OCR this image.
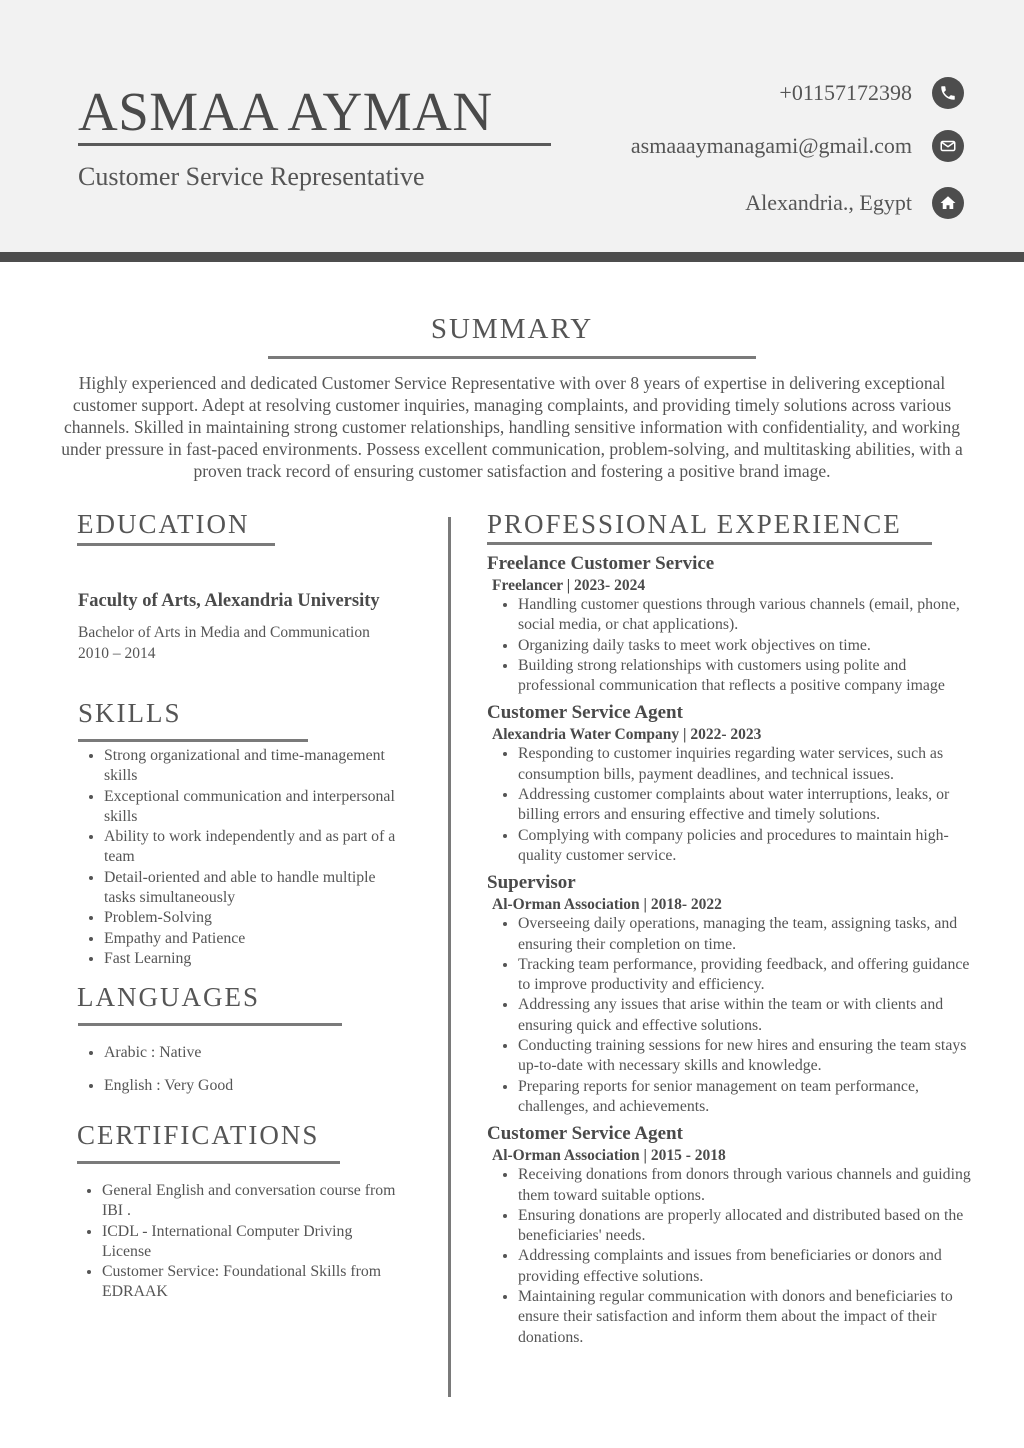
ASMAA AYMAN
Customer Service Representative
+01157172398
asmaaaymanagami@gmail.com
Alexandria., Egypt
SUMMARY
Highly experienced and dedicated Customer Service Representative with over 8 years of expertise in delivering exceptional customer support. Adept at resolving customer inquiries, managing complaints, and providing timely solutions across various channels. Skilled in maintaining strong customer relationships, handling sensitive information with confidentiality, and working under pressure in fast-paced environments. Possess excellent communication, problem-solving, and multitasking abilities, with a proven track record of ensuring customer satisfaction and fostering a positive brand image.
EDUCATION
Faculty of Arts, Alexandria University
Bachelor of Arts in Media and Communication
2010 – 2014
SKILLS
• Strong organizational and time-management skills
• Exceptional communication and interpersonal skills
• Ability to work independently and as part of a team
• Detail-oriented and able to handle multiple tasks simultaneously
• Problem-Solving
• Empathy and Patience
• Fast Learning
LANGUAGES
• Arabic : Native
• English : Very Good
CERTIFICATIONS
• General English and conversation course from IBI .
• ICDL - International Computer Driving License
• Customer Service: Foundational Skills from EDRAAK
PROFESSIONAL EXPERIENCE
Freelance Customer Service
Freelancer | 2023- 2024
• Handling customer questions through various channels (email, phone, social media, or chat applications).
• Organizing daily tasks to meet work objectives on time.
• Building strong relationships with customers using polite and professional communication that reflects a positive company image
Customer Service Agent
Alexandria Water Company | 2022- 2023
• Responding to customer inquiries regarding water services, such as consumption bills, payment deadlines, and technical issues.
• Addressing customer complaints about water interruptions, leaks, or billing errors and ensuring effective and timely solutions.
• Complying with company policies and procedures to maintain high-quality customer service.
Supervisor
Al-Orman Association | 2018- 2022
• Overseeing daily operations, managing the team, assigning tasks, and ensuring their completion on time.
• Tracking team performance, providing feedback, and offering guidance to improve productivity and efficiency.
• Addressing any issues that arise within the team or with clients and ensuring quick and effective solutions.
• Conducting training sessions for new hires and ensuring the team stays up-to-date with necessary skills and knowledge.
• Preparing reports for senior management on team performance, challenges, and achievements.
Customer Service Agent
Al-Orman Association | 2015 - 2018
• Receiving donations from donors through various channels and guiding them toward suitable options.
• Ensuring donations are properly allocated and distributed based on the beneficiaries' needs.
• Addressing complaints and issues from beneficiaries or donors and providing effective solutions.
• Maintaining regular communication with donors and beneficiaries to ensure their satisfaction and inform them about the impact of their donations.
